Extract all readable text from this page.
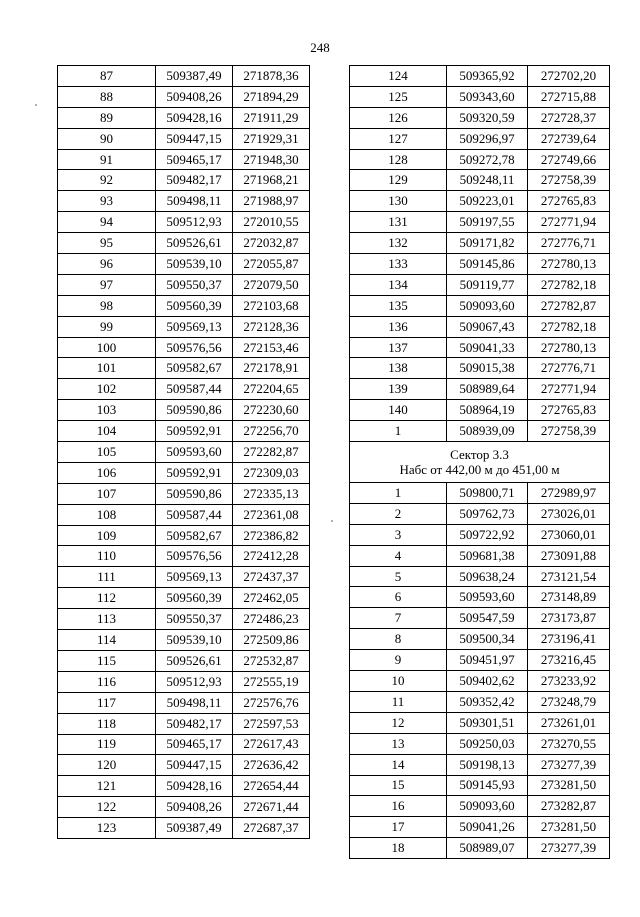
248
87	509387,49	271878,36
88	509408,26	271894,29
89	509428,16	271911,29
90	509447,15	271929,31
91	509465,17	271948,30
92	509482,17	271968,21
93	509498,11	271988,97
94	509512,93	272010,55
95	509526,61	272032,87
96	509539,10	272055,87
97	509550,37	272079,50
98	509560,39	272103,68
99	509569,13	272128,36
100	509576,56	272153,46
101	509582,67	272178,91
102	509587,44	272204,65
103	509590,86	272230,60
104	509592,91	272256,70
105	509593,60	272282,87
106	509592,91	272309,03
107	509590,86	272335,13
108	509587,44	272361,08
109	509582,67	272386,82
110	509576,56	272412,28
111	509569,13	272437,37
112	509560,39	272462,05
113	509550,37	272486,23
114	509539,10	272509,86
115	509526,61	272532,87
116	509512,93	272555,19
117	509498,11	272576,76
118	509482,17	272597,53
119	509465,17	272617,43
120	509447,15	272636,42
121	509428,16	272654,44
122	509408,26	272671,44
123	509387,49	272687,37
124	509365,92	272702,20
125	509343,60	272715,88
126	509320,59	272728,37
127	509296,97	272739,64
128	509272,78	272749,66
129	509248,11	272758,39
130	509223,01	272765,83
131	509197,55	272771,94
132	509171,82	272776,71
133	509145,86	272780,13
134	509119,77	272782,18
135	509093,60	272782,87
136	509067,43	272782,18
137	509041,33	272780,13
138	509015,38	272776,71
139	508989,64	272771,94
140	508964,19	272765,83
1	508939,09	272758,39

Сектор 3.3
Набс от 442,00 м до 451,00 м		

1	509800,71	272989,97
2	509762,73	273026,01
3	509722,92	273060,01
4	509681,38	273091,88
5	509638,24	273121,54
6	509593,60	273148,89
7	509547,59	273173,87
8	509500,34	273196,41
9	509451,97	273216,45
10	509402,62	273233,92
11	509352,42	273248,79
12	509301,51	273261,01
13	509250,03	273270,55
14	509198,13	273277,39
15	509145,93	273281,50
16	509093,60	273282,87
17	509041,26	273281,50
18	508989,07	273277,39
